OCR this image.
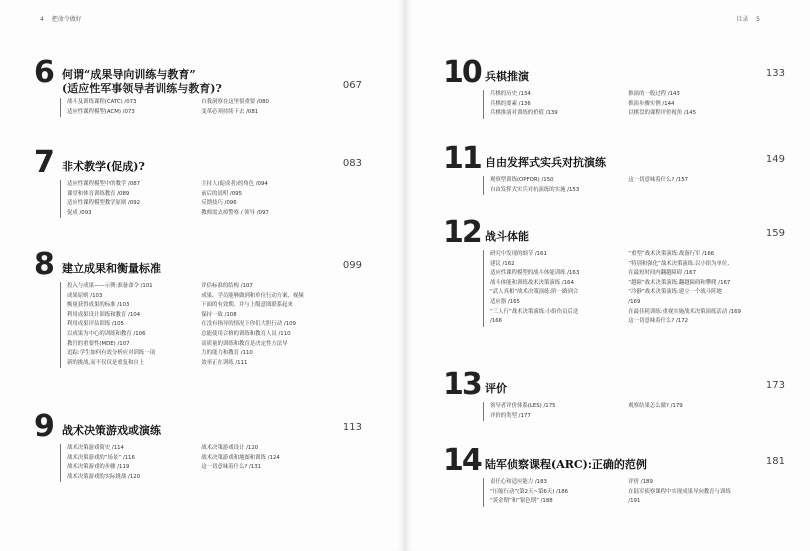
4 把命令做好
6 何谓“成果导向训练与教育”
(适应性军事领导者训练与教育)?	067
战斗及训练课程(CATC) /073	自我洞察在这里很重要 /080
适应性课程模型(ACM) /073	变革必须持续下去 /081
7 非术教学(促成)?	083
适应性课程模型中的教学 /087	主持人(促成者)的角色 /094
课堂和体育训练教育 /089	前后的说明 /095
适应性课程模型教学原则 /092	反馈技巧 /096
促成 /093	教师需去掉警察 / 领导 /097
8 建立成果和衡量标准	099
投入与成果——示例:准备命令 /101	评估标准的结构 /107
成果原则 /103	成果、学员能够做到和单位行动方案、视频
衡量获得成果的标准 /103	下面的有效期、并与上级意图联系起来
利用成果设计训练和教育 /104	保持一致 /108
利用成果评估训练 /105	在没有指导的情况下你们大胆行动 /109
以成果为中心的训练和教育 /106	总能使用合格的训练和教育人员 /110
教官的重要性(MDE) /107	高质量的训练和教育是决定性方法导
追踪:学生如何有效分析应对训练一项	力的能力和教育 /110
新的挑战,而不仅仅是重复和自上	效率正在训练 /111
9 战术决策游戏或演练	113
战术决策游戏简史 /114	战术决策游戏设计 /120
战术决策游戏的“场景” /116	战术决策游戏和地图和训练 /124
战术决策游戏的步骤 /119	这一切意味着什么? /131
战术决策游戏的实际挑战 /120
目录 5
10 兵棋推演	133
兵棋的历史 /134	推演的一般过程 /143
兵棋的要素 /136	推演步骤实例 /144
兵棋推演对训练的价值 /139	以棋盘的课程评价视角 /145
11 自由发挥式实兵对抗演练	149
观察型训练(OPFOR) /150	这一切意味着什么? /157
自由发挥式实兵对抗演练的实施 /153
12 战斗体能	159
研究中发现的细节 /161	“重型”战术决策演练:战备行军 /166
建议 /162	“特别和强化”战术决策演练:以小组为单位,
适应性课程模型的战斗体能训练 /163	在最短时间内翻越障碍 /167
战斗体能和训练战术决策演练 /164	“越障”战术决策演练:翻越障碍和攀爬 /167
“武人真相”战术决策演练:阶一路到合	“冷静”战术决策演练:建立一个战斗阵地
适应器 /165	/169
“三人行”战术决策演练:小组伤员后送	在最佳耗训练:重视实施战术决策演练活动 /169
/166	这一切意味着什么? /172
13 评价	173
领导者评价体系(LES) /175	观察结果怎么做? /179
评价的类型 /177
14 陆军侦察课程(ARC):正确的范例	181
责任心和适应能力 /183	评价 /189
“压缩行动”(第2天~第6天) /186	在陆军侦察课程中实现成果导向教育与训练
“黄金期”和“银色期” /188	/191
